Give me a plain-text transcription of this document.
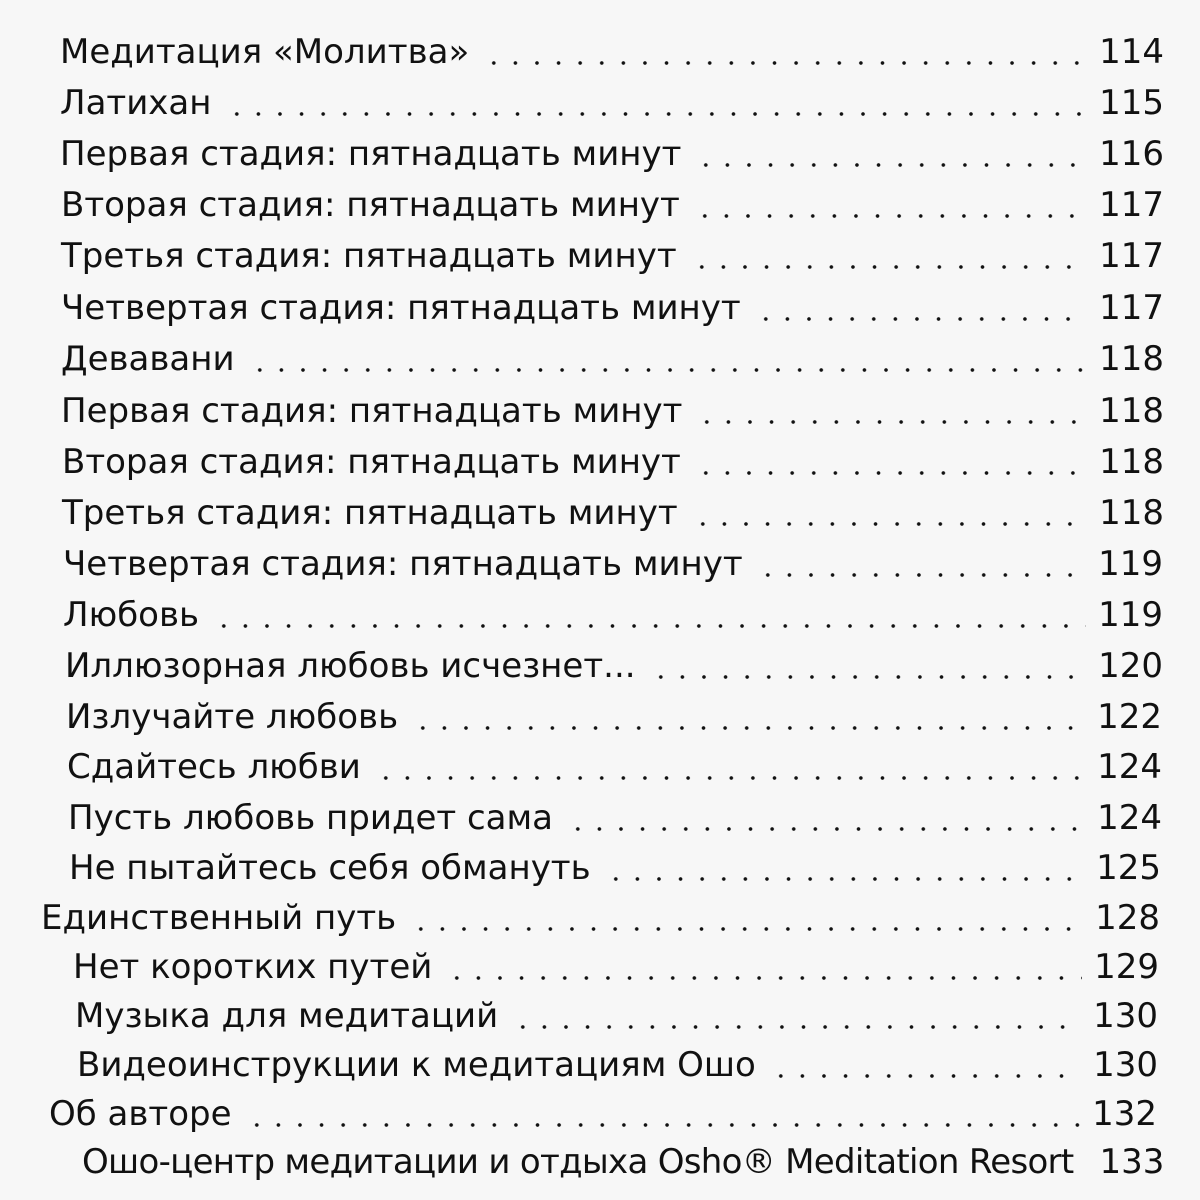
Медитация «Молитва»	114
Латихан	115
Первая стадия: пятнадцать минут	116
Вторая стадия: пятнадцать минут	117
Третья стадия: пятнадцать минут	117
Четвертая стадия: пятнадцать минут	117
Девавани	118
Первая стадия: пятнадцать минут	118
Вторая стадия: пятнадцать минут	118
Третья стадия: пятнадцать минут	118
Четвертая стадия: пятнадцать минут	119
Любовь	119
Иллюзорная любовь исчезнет...	120
Излучайте любовь	122
Сдайтесь любви	124
Пусть любовь придет сама	124
Не пытайтесь себя обмануть	125
Единственный путь	128
Нет коротких путей	129
Музыка для медитаций	130
Видеоинструкции к медитациям Ошо	130
Об авторе	132
Ошо-центр медитации и отдыха Osho® Meditation Resort 133
